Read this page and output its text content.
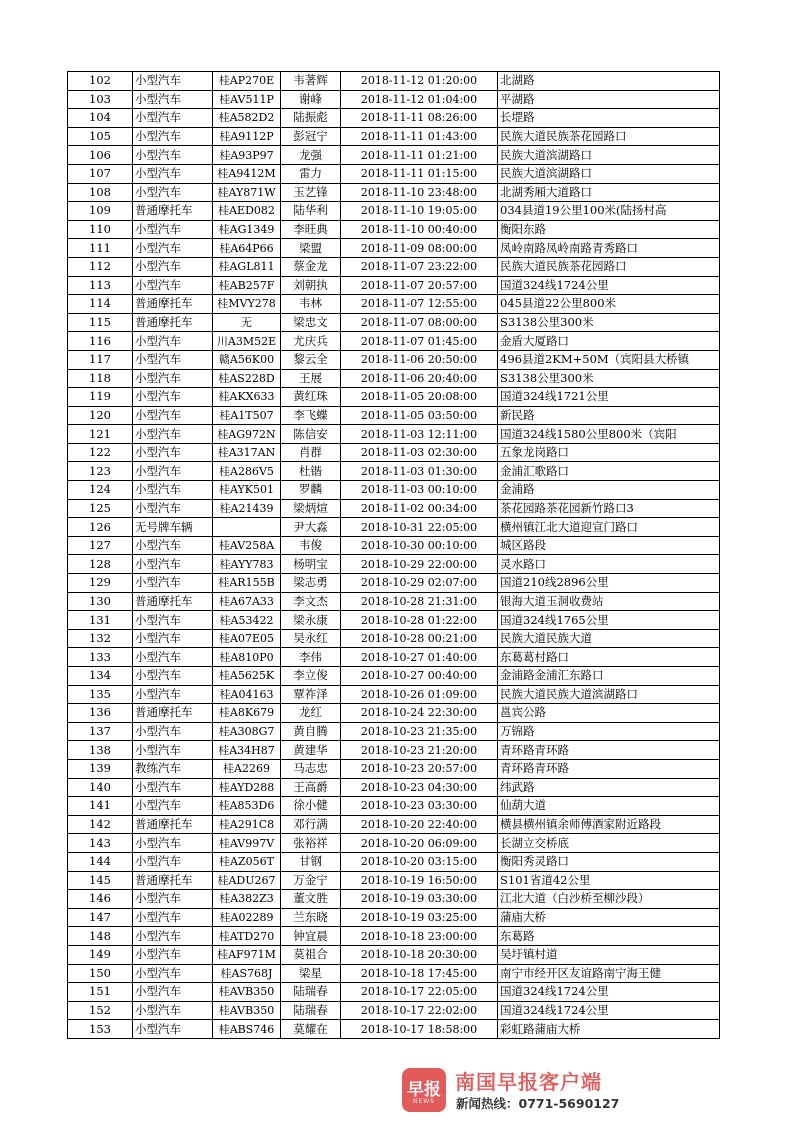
102	小型汽车	桂AP270E	韦著辉	2018-11-12 01:20:00	北湖路
103	小型汽车	桂AV511P	谢峰	2018-11-12 01:04:00	平湖路
104	小型汽车	桂A582D2	陆振彪	2018-11-11 08:26:00	长堽路
105	小型汽车	桂A9112P	彭冠宁	2018-11-11 01:43:00	民族大道民族茶花园路口
106	小型汽车	桂A93P97	龙强	2018-11-11 01:21:00	民族大道滨湖路口
107	小型汽车	桂A9412M	雷力	2018-11-11 01:15:00	民族大道滨湖路口
108	小型汽车	桂AY871W	玉艺锋	2018-11-10 23:48:00	北湖秀厢大道路口
109	普通摩托车	桂AED082	陆华利	2018-11-10 19:05:00	034县道19公里100米(陆扬村高
110	小型汽车	桂AG1349	李旺典	2018-11-10 00:40:00	衡阳东路
111	小型汽车	桂A64P66	梁盟	2018-11-09 08:00:00	凤岭南路凤岭南路青秀路口
112	小型汽车	桂AGL811	蔡金龙	2018-11-07 23:22:00	民族大道民族茶花园路口
113	小型汽车	桂AB257F	刘朝执	2018-11-07 20:57:00	国道324线1724公里
114	普通摩托车	桂MVY278	韦林	2018-11-07 12:55:00	045县道22公里800米
115	普通摩托车	无	梁忠文	2018-11-07 08:00:00	S3138公里300米
116	小型汽车	川A3M52E	尤庆兵	2018-11-07 01:45:00	金盾大厦路口
117	小型汽车	赣A56K00	黎云全	2018-11-06 20:50:00	496县道2KM+50M（宾阳县大桥镇
118	小型汽车	桂AS228D	王展	2018-11-06 20:40:00	S3138公里300米
119	小型汽车	桂AKX633	黄红珠	2018-11-05 20:08:00	国道324线1721公里
120	小型汽车	桂A1T507	李飞蝶	2018-11-05 03:50:00	新民路
121	小型汽车	桂AG972N	陈信安	2018-11-03 12:11:00	国道324线1580公里800米（宾阳
122	小型汽车	桂A317AN	肖群	2018-11-03 02:30:00	五象龙岗路口
123	小型汽车	桂A286V5	杜锴	2018-11-03 01:30:00	金浦汇歌路口
124	小型汽车	桂AYK501	罗麟	2018-11-03 00:10:00	金浦路
125	小型汽车	桂A21439	梁炳煊	2018-11-02 00:34:00	茶花园路茶花园新竹路口3
126	无号牌车辆		尹大淼	2018-10-31 22:05:00	横州镇江北大道迎宣门路口
127	小型汽车	桂AV258A	韦俊	2018-10-30 00:10:00	城区路段
128	小型汽车	桂AYY783	杨明宝	2018-10-29 22:00:00	灵水路口
129	小型汽车	桂AR155B	梁志勇	2018-10-29 02:07:00	国道210线2896公里
130	普通摩托车	桂A67A33	李文杰	2018-10-28 21:31:00	银海大道玉洞收费站
131	小型汽车	桂A53422	梁永康	2018-10-28 01:22:00	国道324线1765公里
132	小型汽车	桂A07E05	吴永红	2018-10-28 00:21:00	民族大道民族大道
133	小型汽车	桂A810P0	李伟	2018-10-27 01:40:00	东葛葛村路口
134	小型汽车	桂A5625K	李立俊	2018-10-27 00:40:00	金浦路金浦汇东路口
135	小型汽车	桂A04163	覃祚泽	2018-10-26 01:09:00	民族大道民族大道滨湖路口
136	普通摩托车	桂A8K679	龙红	2018-10-24 22:30:00	邕宾公路
137	小型汽车	桂A308G7	黄自腾	2018-10-23 21:35:00	万锦路
138	小型汽车	桂A34H87	黄建华	2018-10-23 21:20:00	青环路青环路
139	教练汽车	桂A2269	马志忠	2018-10-23 20:57:00	青环路青环路
140	小型汽车	桂AYD288	王高爵	2018-10-23 04:30:00	纬武路
141	小型汽车	桂A853D6	徐小健	2018-10-23 03:30:00	仙葫大道
142	普通摩托车	桂A291C8	邓行满	2018-10-20 22:40:00	横县横州镇余师傅酒家附近路段
143	小型汽车	桂AV997V	张裕祥	2018-10-20 06:09:00	长湖立交桥底
144	小型汽车	桂AZ056T	甘钢	2018-10-20 03:15:00	衡阳秀灵路口
145	普通摩托车	桂ADU267	万金宁	2018-10-19 16:50:00	S101省道42公里
146	小型汽车	桂A382Z3	董文胜	2018-10-19 03:30:00	江北大道（白沙桥至柳沙段）
147	小型汽车	桂A02289	兰东晓	2018-10-19 03:25:00	蒲庙大桥
148	小型汽车	桂ATD270	钟宜晨	2018-10-18 23:00:00	东葛路
149	小型汽车	桂AF971M	莫祖合	2018-10-18 20:30:00	吴圩镇村道
150	小型汽车	桂AS768J	梁星	2018-10-18 17:45:00	南宁市经开区友谊路南宁海王健
151	小型汽车	桂AVB350	陆瑞春	2018-10-17 22:05:00	国道324线1724公里
152	小型汽车	桂AVB350	陆瑞春	2018-10-17 22:02:00	国道324线1724公里
153	小型汽车	桂ABS746	莫耀在	2018-10-17 18:58:00	彩虹路蒲庙大桥
早报
NEWS
南国早报客户端
新闻热线：0771-5690127
